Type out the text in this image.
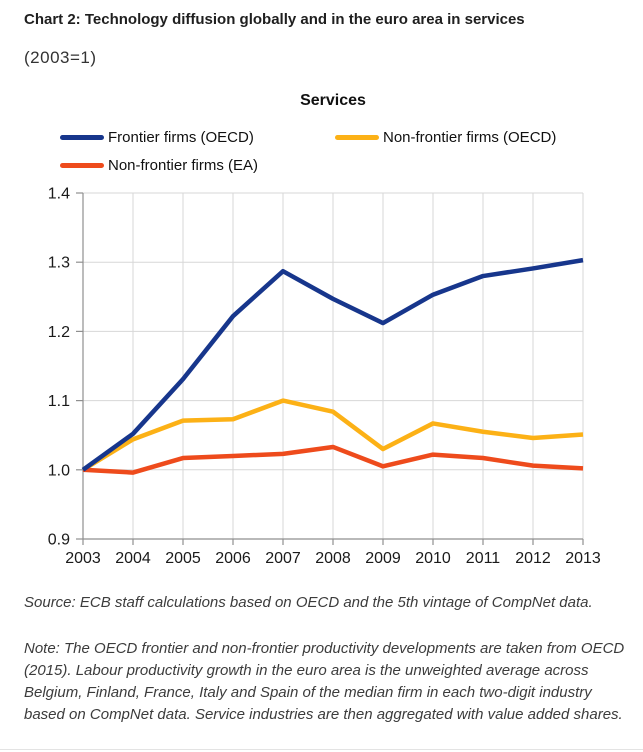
Chart 2: Technology diffusion globally and in the euro area in services
(2003=1)
Services
Frontier firms (OECD)	Non-frontier firms (OECD)
Non-frontier firms (EA)
0.9
1.0
1.1
1.2
1.3
1.4
2003 2004 2005 2006 2007 2008 2009 2010 2011 2012 2013
Source: ECB staff calculations based on OECD and the 5th vintage of CompNet data.
Note: The OECD frontier and non-frontier productivity developments are taken from OECD (2015). Labour productivity growth in the euro area is the unweighted average across Belgium, Finland, France, Italy and Spain of the median firm in each two-digit industry based on CompNet data. Service industries are then aggregated with value added shares.
